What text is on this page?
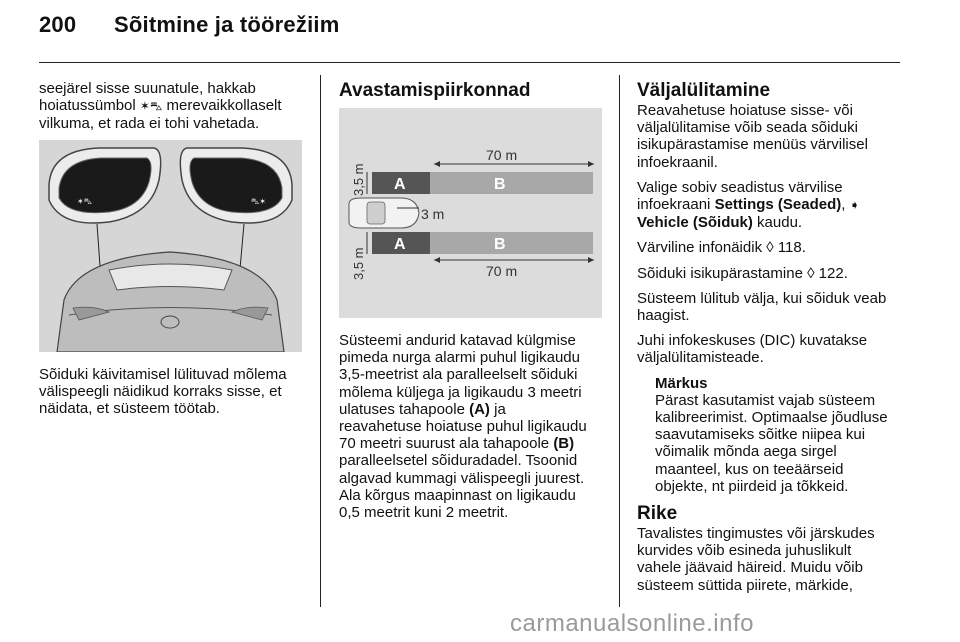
200 Sõitmine ja töörežiim

seejärel sisse suunatule, hakkab

hoiatussümbol ✶⛍ merevaikkollaselt

vilkuma, et rada ei tohi vahetada.

✶⛍	⛍✶

Sõiduki käivitamisel lülituvad mõlema

välispeegli näidikud korraks sisse, et

näidata, et süsteem töötab.

Avastamispiirkonnad
70 m
3,5 m
3,5 m
A	B
3 m
A	B
70 m

Süsteemi andurid katavad külgmise

pimeda nurga alarmi puhul ligikaudu

3,5-meetrist ala paralleelselt sõiduki

mõlema küljega ja ligikaudu 3 meetri

ulatuses tahapoole (A) ja

reavahetuse hoiatuse puhul ligikaudu

70 meetri suurust ala tahapoole (B)

paralleelsetel sõiduradadel. Tsoonid

algavad kummagi välispeegli juurest.

Ala kõrgus maapinnast on ligikaudu

0,5 meetrit kuni 2 meetrit.

Väljalülitamine

Reavahetuse hoiatuse sisse- või
väljalülitamise võib seada sõiduki
isikupärastamise menüüs värvilisel
infoekraanil.

Valige sobiv seadistus värvilise
infoekraani Settings (Seaded), ➧
Vehicle (Sõiduk) kaudu.

Värviline infonäidik ◊ 118.

Sõiduki isikupärastamine ◊ 122.

Süsteem lülitub välja, kui sõiduk veab
haagist.

Juhi infokeskuses (DIC) kuvatakse
väljalülitamisteade.

Märkus

Pärast kasutamist vajab süsteem
kalibreerimist. Optimaalse jõudluse
saavutamiseks sõitke niipea kui
võimalik mõnda aega sirgel
maanteel, kus on teeäärseid
objekte, nt piirdeid ja tõkkeid.

Rike

Tavalistes tingimustes või järskudes
kurvides võib esineda juhuslikult
vahele jäävaid häireid. Muidu võib
süsteem süttida piirete, märkide,

carmanualsonline.info
